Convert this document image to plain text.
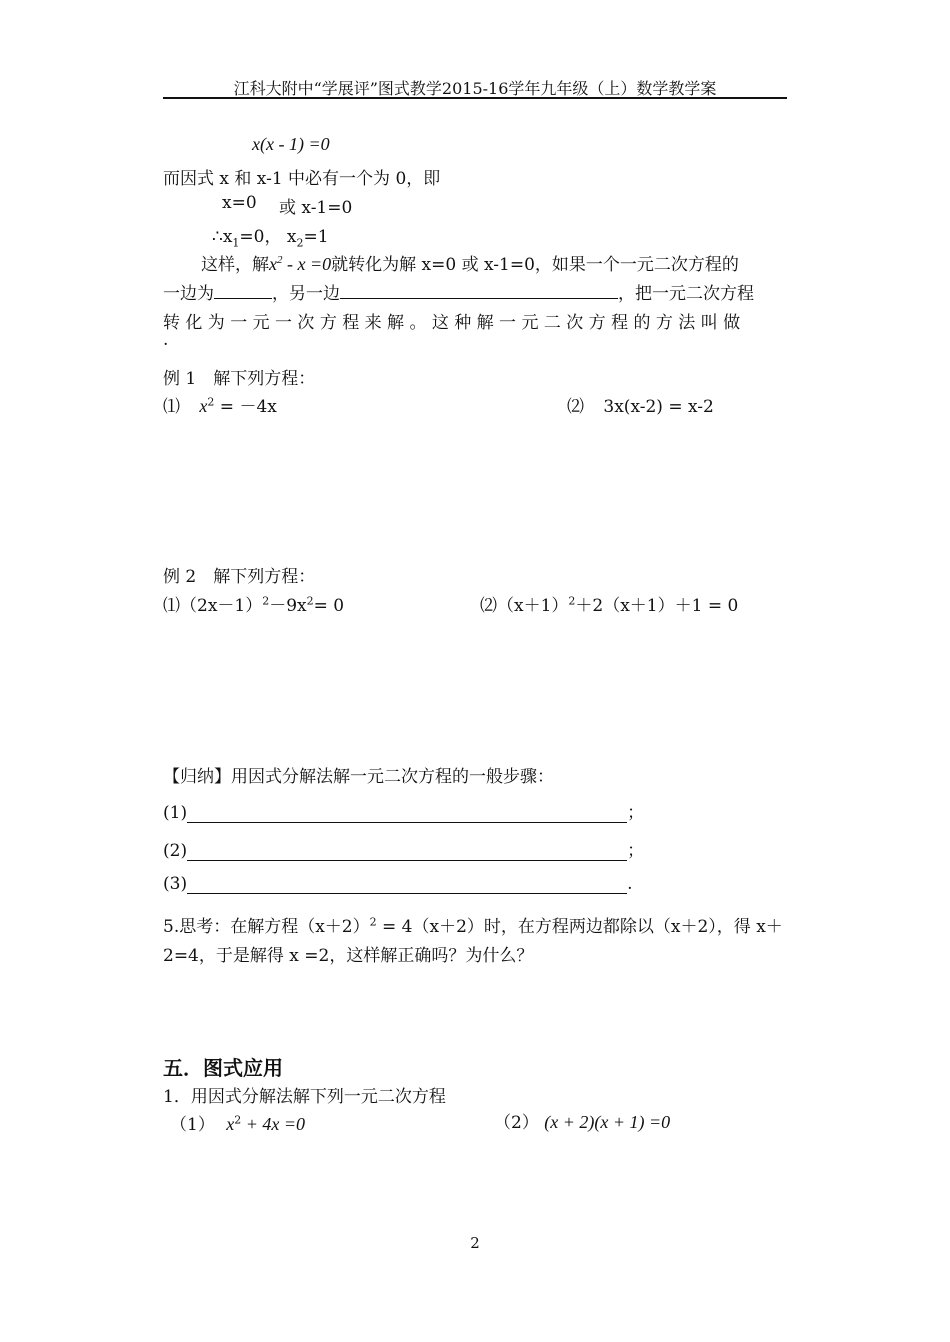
江科大附中“学展评”图式教学2015-16学年九年级（上）数学教学案
x(x - 1) =0
而因式 x 和 x-1 中必有一个为 0，即
x=0 或 x-1=0
$\therefore x_1=0$， $x_2=1$
这样，解$x^2 - x =0$就转化为解 x=0 或 x-1=0，如果一个一元二次方程的
一边为	，另一边	，把一元二次方程
转 化 为 一 元 一 次 方 程 来 解 。 这 种 解 一 元 二 次 方 程 的 方 法 叫 做
.
例 1　解下列方程：
⑴ $x^2 = -4x$	⑵ 3x(x-2) = x-2
例 2　解下列方程：
$⑴(2x-1)^2-9x^2= 0$	$⑵(x+1)^2+2(x+1)+1 = 0$
【归纳】用因式分解法解一元二次方程的一般步骤：
(1)	；
(2)	；
(3)	.
5.思考：在解方程$(x+2)^2 = 4(x+2)$时，在方程两边都除以（x＋2），得 x＋
2=4，于是解得 x =2，这样解正确吗？为什么？
五．图式应用
1．用因式分解法解下列一元二次方程
（1） $x^2 + 4x =0$	（2） (x + 2)(x + 1) =0
2
